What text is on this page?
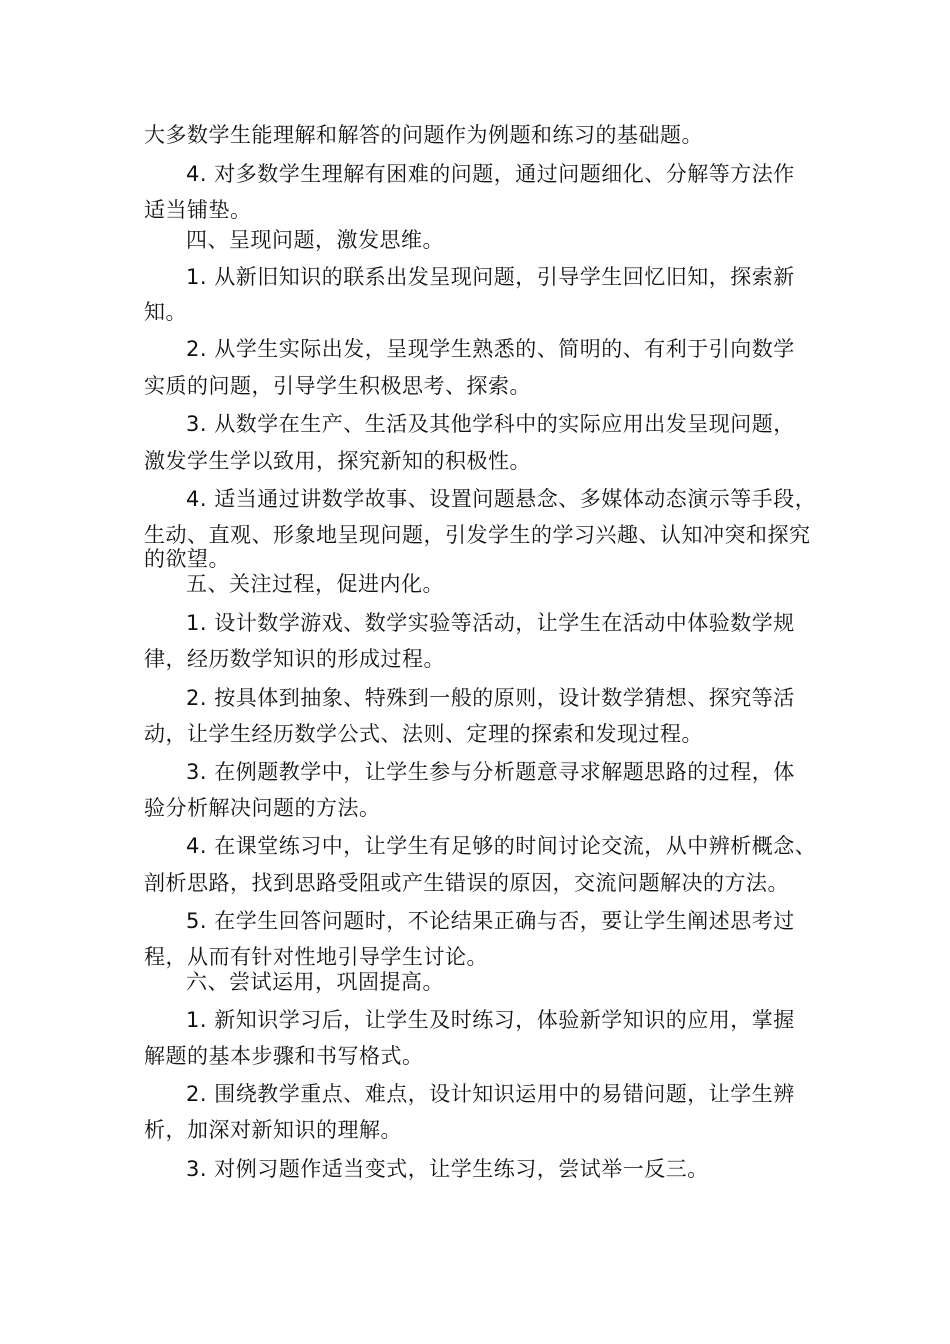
大多数学生能理解和解答的问题作为例题和练习的基础题。
4. 对多数学生理解有困难的问题，通过问题细化、分解等方法作
适当铺垫。
四、呈现问题，激发思维。
1. 从新旧知识的联系出发呈现问题，引导学生回忆旧知，探索新
知。
2. 从学生实际出发，呈现学生熟悉的、简明的、有利于引向数学
实质的问题，引导学生积极思考、探索。
3. 从数学在生产、生活及其他学科中的实际应用出发呈现问题，
激发学生学以致用，探究新知的积极性。
4. 适当通过讲数学故事、设置问题悬念、多媒体动态演示等手段，
生动、直观、形象地呈现问题，引发学生的学习兴趣、认知冲突和探究
的欲望。
五、关注过程，促进内化。
1. 设计数学游戏、数学实验等活动，让学生在活动中体验数学规
律，经历数学知识的形成过程。
2. 按具体到抽象、特殊到一般的原则，设计数学猜想、探究等活
动，让学生经历数学公式、法则、定理的探索和发现过程。
3. 在例题教学中，让学生参与分析题意寻求解题思路的过程，体
验分析解决问题的方法。
4. 在课堂练习中，让学生有足够的时间讨论交流，从中辨析概念、
剖析思路，找到思路受阻或产生错误的原因，交流问题解决的方法。
5. 在学生回答问题时，不论结果正确与否，要让学生阐述思考过
程，从而有针对性地引导学生讨论。
六、尝试运用，巩固提高。
1. 新知识学习后，让学生及时练习，体验新学知识的应用，掌握
解题的基本步骤和书写格式。
2. 围绕教学重点、难点，设计知识运用中的易错问题，让学生辨
析，加深对新知识的理解。
3. 对例习题作适当变式，让学生练习，尝试举一反三。
